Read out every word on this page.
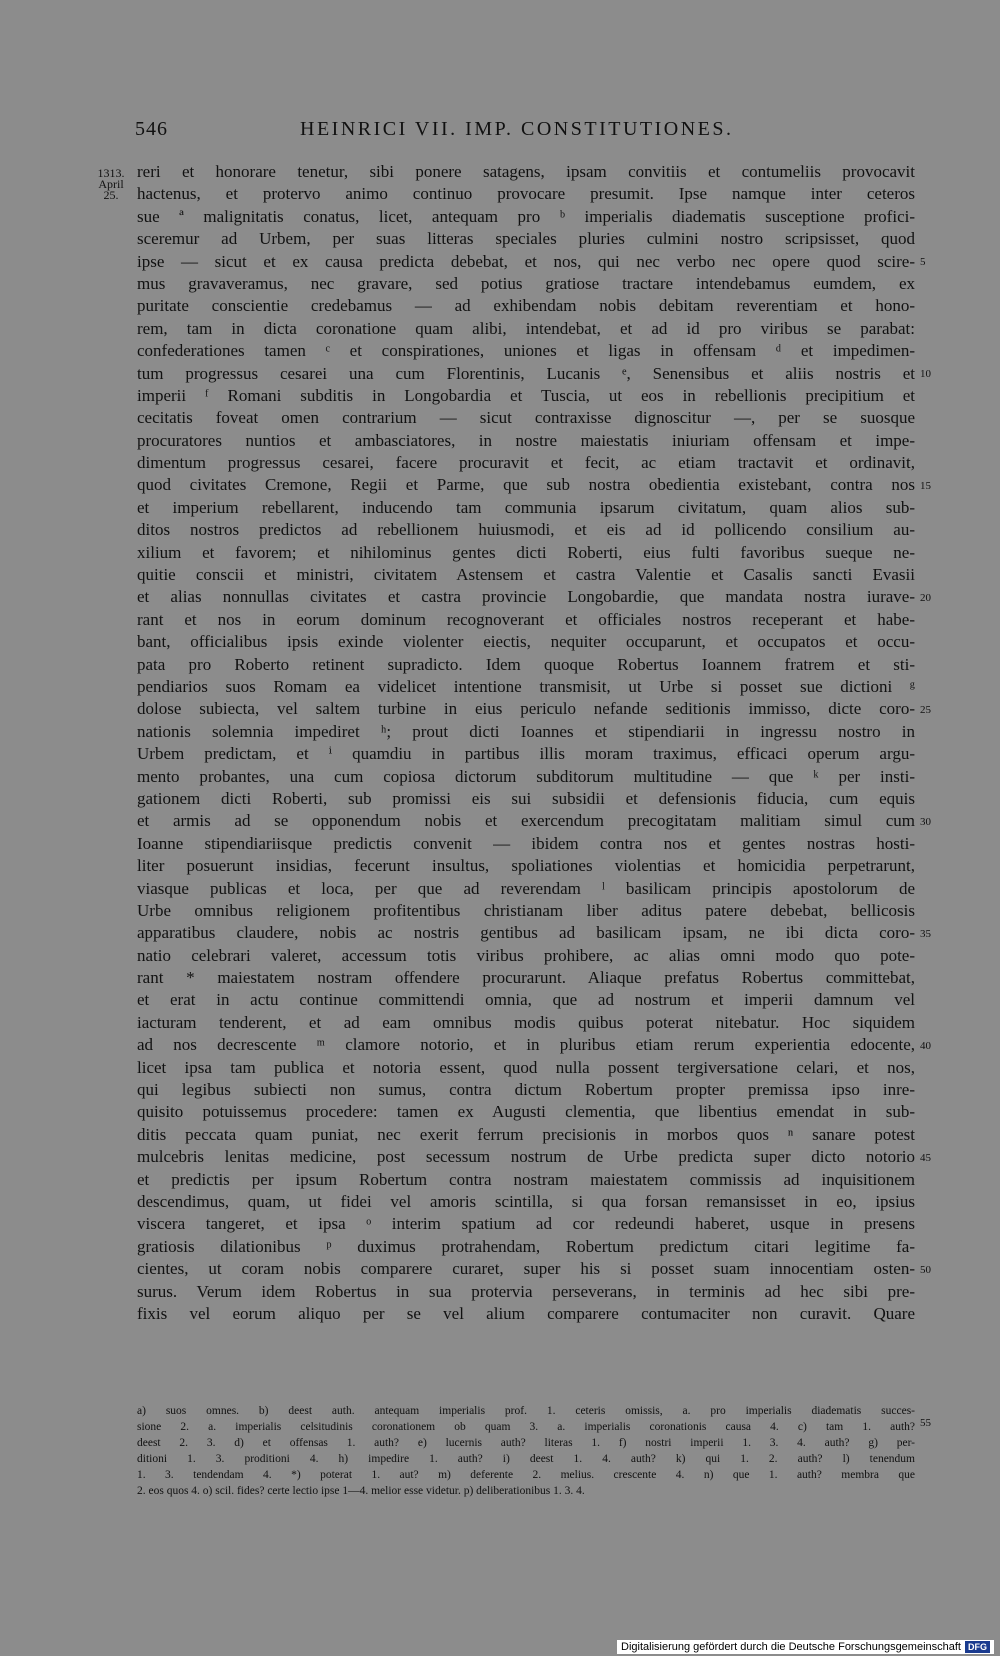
546	HEINRICI VII. IMP. CONSTITUTIONES.
1313.
April
25.
reri et honorare tenetur, sibi ponere satagens, ipsam convitiis et contumeliis provocavit
hactenus, et protervo animo continuo provocare presumit. Ipse namque inter ceteros
sue ª malignitatis conatus, licet, antequam pro ᵇ imperialis diadematis susceptione profici-
sceremur ad Urbem, per suas litteras speciales pluries culmini nostro scripsisset, quod
ipse — sicut et ex causa predicta debebat, et nos, qui nec verbo nec opere quod scire-
mus gravaveramus, nec gravare, sed potius gratiose tractare intendebamus eumdem, ex
puritate conscientie credebamus — ad exhibendam nobis debitam reverentiam et hono-
rem, tam in dicta coronatione quam alibi, intendebat, et ad id pro viribus se parabat:
confederationes tamen ᶜ et conspirationes, uniones et ligas in offensam ᵈ et impedimen-
tum progressus cesarei una cum Florentinis, Lucanis ᵉ, Senensibus et aliis nostris et
imperii ᶠ Romani subditis in Longobardia et Tuscia, ut eos in rebellionis precipitium et
cecitatis foveat omen contrarium — sicut contraxisse dignoscitur —, per se suosque
procuratores nuntios et ambasciatores, in nostre maiestatis iniuriam offensam et impe-
dimentum progressus cesarei, facere procuravit et fecit, ac etiam tractavit et ordinavit,
quod civitates Cremone, Regii et Parme, que sub nostra obedientia existebant, contra nos
et imperium rebellarent, inducendo tam communia ipsarum civitatum, quam alios sub-
ditos nostros predictos ad rebellionem huiusmodi, et eis ad id pollicendo consilium au-
xilium et favorem; et nihilominus gentes dicti Roberti, eius fulti favoribus sueque ne-
quitie conscii et ministri, civitatem Astensem et castra Valentie et Casalis sancti Evasii
et alias nonnullas civitates et castra provincie Longobardie, que mandata nostra iurave-
rant et nos in eorum dominum recognoverant et officiales nostros receperant et habe-
bant, officialibus ipsis exinde violenter eiectis, nequiter occuparunt, et occupatos et occu-
pata pro Roberto retinent supradicto. Idem quoque Robertus Ioannem fratrem et sti-
pendiarios suos Romam ea videlicet intentione transmisit, ut Urbe si posset sue dictioni ᵍ
dolose subiecta, vel saltem turbine in eius periculo nefande seditionis immisso, dicte coro-
nationis solemnia impediret ʰ; prout dicti Ioannes et stipendiarii in ingressu nostro in
Urbem predictam, et ⁱ quamdiu in partibus illis moram traximus, efficaci operum argu-
mento probantes, una cum copiosa dictorum subditorum multitudine — que ᵏ per insti-
gationem dicti Roberti, sub promissi eis sui subsidii et defensionis fiducia, cum equis
et armis ad se opponendum nobis et exercendum precogitatam malitiam simul cum
Ioanne stipendiariisque predictis convenit — ibidem contra nos et gentes nostras hosti-
liter posuerunt insidias, fecerunt insultus, spoliationes violentias et homicidia perpetrarunt,
viasque publicas et loca, per que ad reverendam ˡ basilicam principis apostolorum de
Urbe omnibus religionem profitentibus christianam liber aditus patere debebat, bellicosis
apparatibus claudere, nobis ac nostris gentibus ad basilicam ipsam, ne ibi dicta coro-
natio celebrari valeret, accessum totis viribus prohibere, ac alias omni modo quo pote-
rant * maiestatem nostram offendere procurarunt. Aliaque prefatus Robertus committebat,
et erat in actu continue committendi omnia, que ad nostrum et imperii damnum vel
iacturam tenderent, et ad eam omnibus modis quibus poterat nitebatur. Hoc siquidem
ad nos decrescente ᵐ clamore notorio, et in pluribus etiam rerum experientia edocente,
licet ipsa tam publica et notoria essent, quod nulla possent tergiversatione celari, et nos,
qui legibus subiecti non sumus, contra dictum Robertum propter premissa ipso inre-
quisito potuissemus procedere: tamen ex Augusti clementia, que libentius emendat in sub-
ditis peccata quam puniat, nec exerit ferrum precisionis in morbos quos ⁿ sanare potest
mulcebris lenitas medicine, post secessum nostrum de Urbe predicta super dicto notorio
et predictis per ipsum Robertum contra nostram maiestatem commissis ad inquisitionem
descendimus, quam, ut fidei vel amoris scintilla, si qua forsan remansisset in eo, ipsius
viscera tangeret, et ipsa ᵒ interim spatium ad cor redeundi haberet, usque in presens
gratiosis dilationibus ᵖ duximus protrahendam, Robertum predictum citari legitime fa-
cientes, ut coram nobis comparere curaret, super his si posset suam innocentiam osten-
surus. Verum idem Robertus in sua protervia perseverans, in terminis ad hec sibi pre-
fixis vel eorum aliquo per se vel alium comparere contumaciter non curavit. Quare
5
10
15
20
25
30
35
40
45
50
a) suos omnes. b) deest auth. antequam imperialis prof. 1. ceteris omissis, a. pro imperialis diadematis succes-
sione 2. a. imperialis celsitudinis coronationem ob quam 3. a. imperialis coronationis causa 4. c) tam 1. auth?
deest 2. 3. d) et offensas 1. auth? e) lucernis auth? literas 1. f) nostri imperii 1. 3. 4. auth? g) per-
ditioni 1. 3. proditioni 4. h) impedire 1. auth? i) deest 1. 4. auth? k) qui 1. 2. auth? l) tenendum
1. 3. tendendam 4. *) poterat 1. aut? m) deferente 2. melius. crescente 4. n) que 1. auth? membra que
2. eos quos 4. o) scil. fides? certe lectio ipse 1—4. melior esse videtur. p) deliberationibus 1. 3. 4.
55
Digitalisierung gefördert durch die Deutsche Forschungsgemeinschaft DFG
